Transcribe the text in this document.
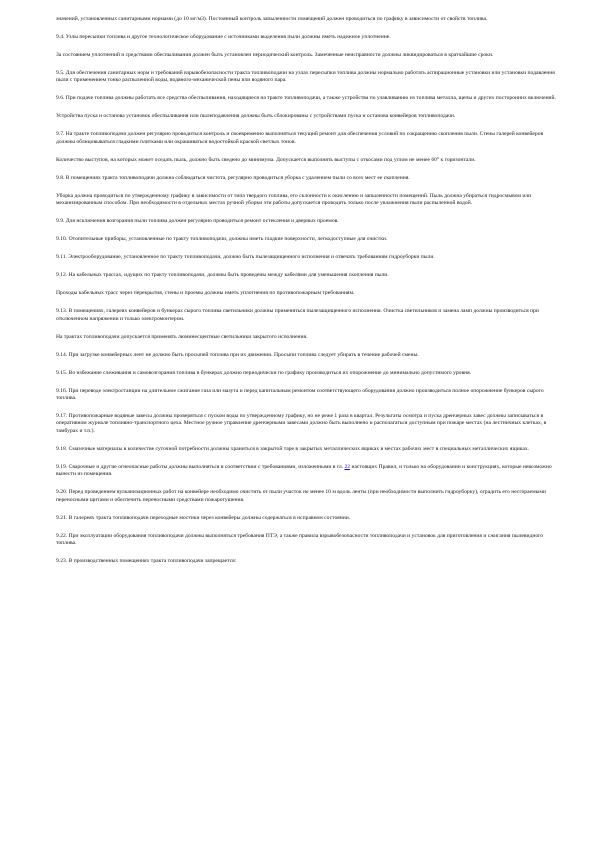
значений, установленных санитарными нормами (до 10 мг/м3). Постоянный контроль запыленности помещений должен проводиться по графику в зависимости от свойств топлива.

9.4. Узлы пересыпки топлива и другое технологическое оборудование с источниками выделения пыли должны иметь надежное уплотнение.

За состоянием уплотнений и средствами обеспыливания должен быть установлен периодический контроль. Замеченные неисправности должны ликвидироваться в кратчайшие сроки.

9.5. Для обеспечения санитарных норм и требований взрывобезопасности тракта топливоподачи на узлах пересыпки топлива должны нормально работать аспирационные установки или установки подавления пыли с применением тонко распыленной воды, водяного-механической пены или водяного пара.

9.6. При подаче топлива должны работать все средства обеспыливания, находящиеся на тракте топливоподачи, а также устройства по улавливанию из топлива металла, щепы и других посторонних включений.

Устройства пуска и останова установок обеспыливания или пылеподавления должны быть сблокированы с устройствами пуска и останова конвейеров топливоподачи.

9.7. На тракте топливоподачи должен регулярно проводиться контроль и своевременно выполняться текущий ремонт для обеспечения условий по сокращению скопления пыли. Стены галерей конвейеров должны облицовываться гладкими плитками или окрашиваться водостойкой краской светлых тонов.

Количество выступов, на которых может оседать пыль, должно быть сведено до минимума. Допускается выполнять выступы с откосами под углом не менее 60° к горизонтали.

9.8. В помещениях тракта топливоподачи должна соблюдаться чистота, регулярно проводиться уборка с удалением пыли со всех мест ее скопления.

Уборка должна проводиться по утвержденному графику в зависимости от типа твердого топлива, его склонности к окислению и запыленности помещений. Пыль должна убираться гидросмывом или механизированным способом. При необходимости в отдельных местах ручной уборки эти работы допускается проводить только после увлажнения пыли распыленной водой.

9.9. Для исключения возгорания пыли топлива должен регулярно проводиться ремонт остекления и дверных проемов.

9.10. Отопительные приборы, установленные по тракту топливоподачи, должны иметь гладкие поверхности, легкодоступные для очистки.

9.11. Электрооборудование, установленное по тракту топливоподачи, должно быть пылезащищенного исполнения и отвечать требованиям гидроуборки пыли.

9.12. На кабельных трассах, идущих по тракту топливоподачи, должны быть проведены между кабелями для уменьшения скопления пыли.

Проходы кабельных трасс через перекрытия, стены и проемы должны иметь уплотнения по противопожарным требованиям.

9.13. В помещениях, галереях конвейеров и бункерах сырого топлива светильники должны применяться пылезащищенного исполнения. Очистка светильников и замена ламп должны производиться при отключенном напряжении и только электромонтером.

На трактах топливоподачи допускается применять люминесцентные светильники закрытого исполнения.

9.14. При загрузке конвейерных лент не должно быть просыпей топлива при их движении. Просыпи топлива следует убирать в течение рабочей смены.

9.15. Во избежание слеживания и самовозгорания топлива в бункерах должно периодически по графику производиться их опорожнение до минимально допустимого уровня.

9.16. При переводе электростанции на длительное сжигание газа или мазута и перед капитальным ремонтом соответствующего оборудования должно производиться полное опорожнение бункеров сырого топлива.

9.17. Противопожарные водяные завесы должны проверяться с пуском воды по утвержденному графику, но не реже 1 раза в квартал. Результаты осмотра и пуска дренчерных завес должны записываться в оперативном журнале топливно-транспортного цеха. Местное ручное управление дренчерными завесами должно быть выполнено и располагаться доступным при пожаре местах (на лестничных клетках, в тамбурах и т.п.).

9.18. Смазочные материалы в количестве суточной потребности должны храниться в закрытой таре в закрытых металлических ящиках в местах рабочих мест в специальных металлических ящиках.

9.19. Сварочные и другие огнеопасные работы должны выполняться в соответствии с требованиями, изложенными в гл. 22 настоящих Правил, и только на оборудовании и конструкциях, которые невозможно вынести из помещения.

9.20. Перед проведением вулканизационных работ на конвейере необходимо очистить от пыли участок не менее 10 м вдоль ленты (при необходимости выполнить гидроуборку), оградить его несгораемыми переносными щитами и обеспечить переносными средствами пожаротушения.

9.21. В галереях тракта топливоподачи переходные мостики через конвейеры должны содержаться в исправном состоянии.

9.22. При эксплуатации оборудования топливоподачи должны выполняться требования ПТЭ, а также правила взрывобезопасности топливоподачи и установок для приготовления и сжигания пылевидного топлива.

9.23. В производственных помещениях тракта топливоподачи запрещается:
